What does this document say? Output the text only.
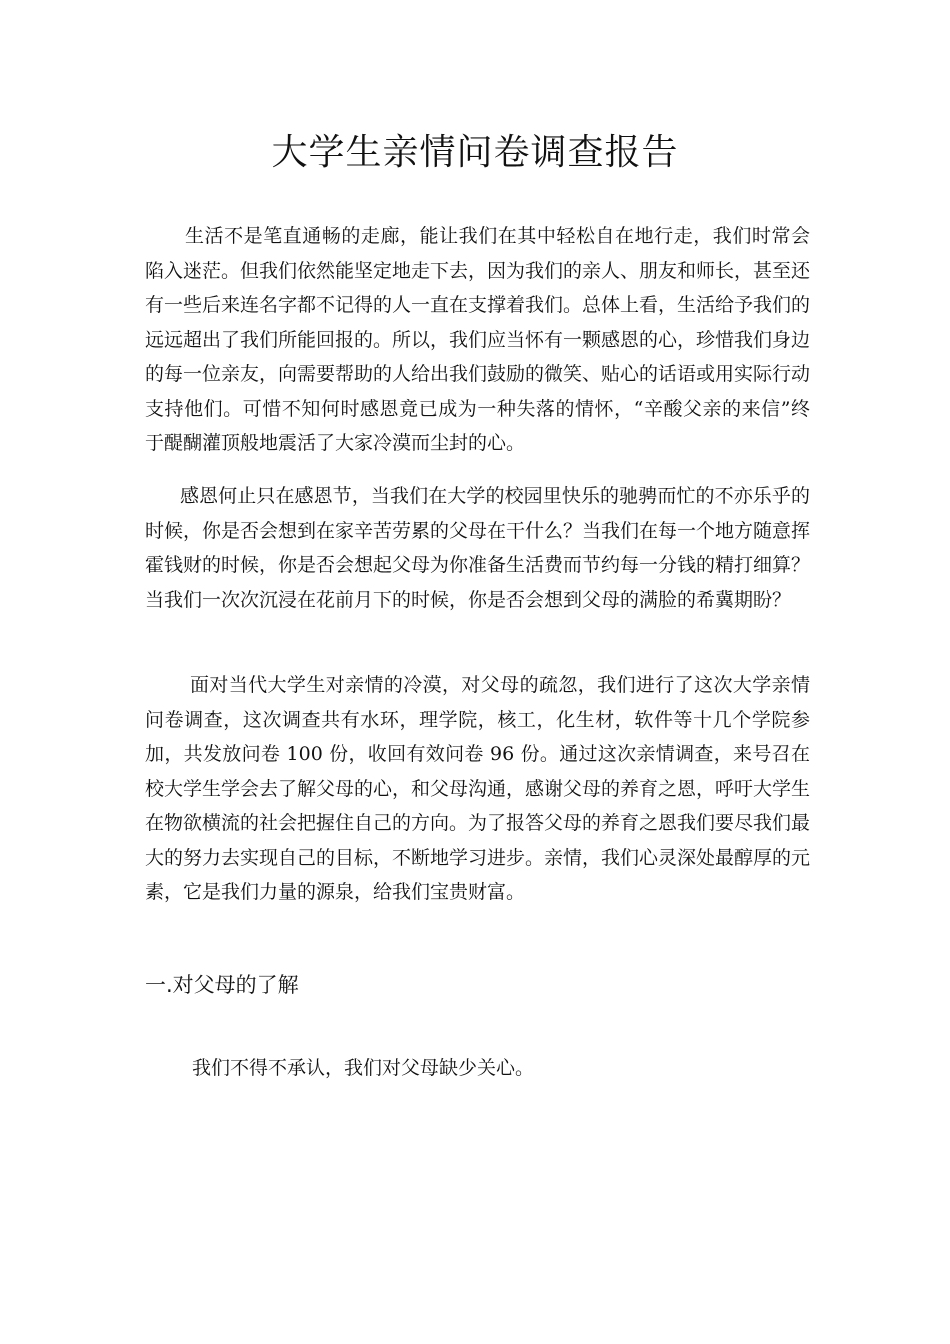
大学生亲情问卷调查报告

生活不是笔直通畅的走廊，能让我们在其中轻松自在地行走，我们时常会陷入迷茫。但我们依然能坚定地走下去，因为我们的亲人、朋友和师长，甚至还有一些后来连名字都不记得的人一直在支撑着我们。总体上看，生活给予我们的远远超出了我们所能回报的。所以，我们应当怀有一颗感恩的心，珍惜我们身边的每一位亲友，向需要帮助的人给出我们鼓励的微笑、贴心的话语或用实际行动支持他们。可惜不知何时感恩竟已成为一种失落的情怀，“辛酸父亲的来信”终于醍醐灌顶般地震活了大家冷漠而尘封的心。

感恩何止只在感恩节，当我们在大学的校园里快乐的驰骋而忙的不亦乐乎的时候，你是否会想到在家辛苦劳累的父母在干什么？当我们在每一个地方随意挥霍钱财的时候，你是否会想起父母为你准备生活费而节约每一分钱的精打细算？当我们一次次沉浸在花前月下的时候，你是否会想到父母的满脸的希冀期盼？

面对当代大学生对亲情的冷漠，对父母的疏忽，我们进行了这次大学亲情问卷调查，这次调查共有水环，理学院，核工，化生材，软件等十几个学院参加，共发放问卷 100 份，收回有效问卷 96 份。通过这次亲情调查，来号召在校大学生学会去了解父母的心，和父母沟通，感谢父母的养育之恩，呼吁大学生在物欲横流的社会把握住自己的方向。为了报答父母的养育之恩我们要尽我们最大的努力去实现自己的目标，不断地学习进步。亲情，我们心灵深处最醇厚的元素，它是我们力量的源泉，给我们宝贵财富。

一.对父母的了解

我们不得不承认，我们对父母缺少关心。
